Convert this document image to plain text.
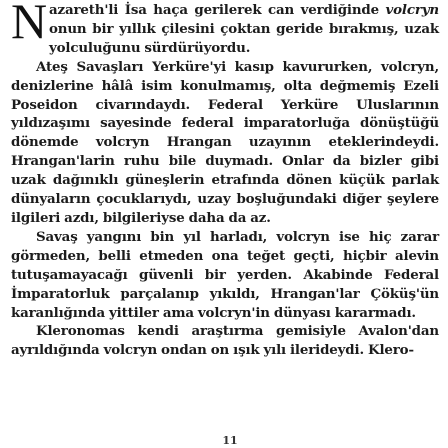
Nazareth'li İsa haça gerilerek can verdiğinde volcryn onun bir yıllık çilesini çoktan geride bırakmış, uzak yolculuğunu sürdürüyordu.

Ateş Savaşları Yerküre'yi kasıp kavururken, volcryn, denizlerine hâlâ isim konulmamış, olta değmemiş Ezeli Poseidon civarındaydı. Federal Yerküre Uluslarının yıldızaşımı sayesinde federal imparatorluğa dönüştüğü dönemde volcryn Hrangan uzayının eteklerindeydi. Hrangan'larin ruhu bile duymadı. Onlar da bizler gibi uzak dağınıklı güneşlerin etrafında dönen küçük parlak dünyaların çocuklarıydı, uzay boşluğundaki diğer şeylere ilgileri azdı, bilgileriyse daha da az.

Savaş yangını bin yıl harladı, volcryn ise hiç zarar görmeden, belli etmeden ona teğet geçti, hiçbir alevin tutuşamayacağı güvenli bir yerden. Akabinde Federal İmparatorluk parçalanıp yıkıldı, Hrangan'lar Çöküş'ün karanlığında yittiler ama volcryn'in dünyası kararmadı.

Kleronomas kendi araştırma gemisiyle Avalon'dan ayrıldığında volcryn ondan on ışık yılı ilerideydi. Klero-

11
